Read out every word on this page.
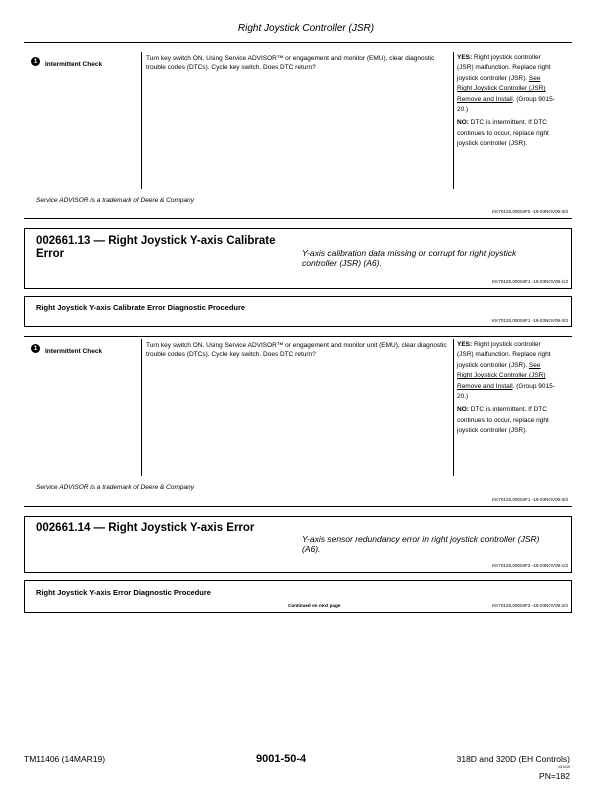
Right Joystick Controller (JSR)
1 Intermittent Check
Turn key switch ON. Using Service ADVISOR™ or engagement and monitor (EMU), clear diagnostic trouble codes (DTCs). Cycle key switch. Does DTC return?
YES: Right joystick controller (JSR) malfunction. Replace right joystick controller (JSR). See Right Joystick Controller (JSR) Remove and Install. (Group 9015-20.)
NO: DTC is intermittent. If DTC continues to occur, replace right joystick controller (JSR).
Service ADVISOR is a trademark of Deere & Company
KK70125,00004F0 -19-03NOV09-3/3
002661.13 — Right Joystick Y-axis Calibrate Error	Y-axis calibration data missing or corrupt for right joystick controller (JSR) (A6).
KK70125,00004F1 -19-03NOV09-1/3
Right Joystick Y-axis Calibrate Error Diagnostic Procedure
KK70125,00004F1 -19-03NOV09-2/3
1 Intermittent Check
Turn key switch ON. Using Service ADVISOR™ or engagement and monitor unit (EMU), clear diagnostic trouble codes (DTCs). Cycle key switch. Does DTC return?
YES: Right joystick controller (JSR) malfunction. Replace right joystick controller (JSR). See Right Joystick Controller (JSR) Remove and Install. (Group 9015-20.)
NO: DTC is intermittent. If DTC continues to occur, replace right joystick controller (JSR).
Service ADVISOR is a trademark of Deere & Company
KK70125,00004F1 -19-03NOV09-3/3
002661.14 — Right Joystick Y-axis Error
Y-axis sensor redundancy error in right joystick controller (JSR) (A6).
KK70125,00004F2 -19-03NOV09-1/3
Right Joystick Y-axis Error Diagnostic Procedure
Continued on next page	KK70125,00004F2 -19-03NOV09-2/3
TM11406 (14MAR19)	9001-50-4	318D and 320D (EH Controls)
031419
PN=182
